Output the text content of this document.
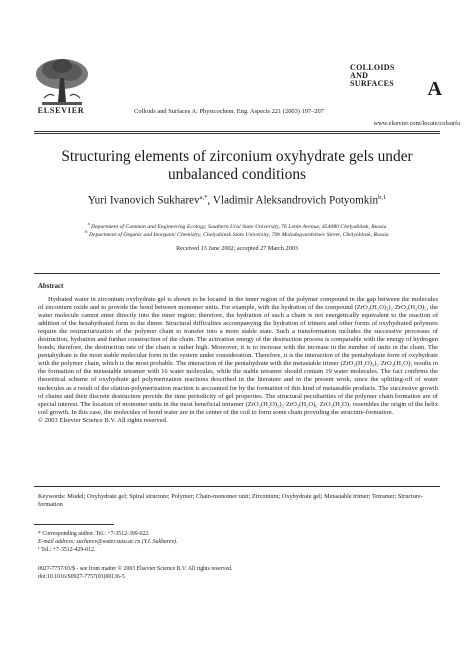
ELSEVIER	Colloids and Surfaces A: Physicochem. Eng. Aspects 221 (2003) 197–207
COLLOIDS
AND
SURFACES	A
www.elsevier.com/locate/colsurfa
Structuring elements of zirconium oxyhydrate gels under unbalanced conditions
Yuri Ivanovich Sukharev$^{a,*}$, Vladimir Aleksandrovich Potyomkin$^{b,1}$
$^a$ Department of Common and Engineering Ecology, Southern Ural State University, 76 Lenin Avenue, 454080 Chelyabinsk, Russia
$^b$ Department of Organic and Inorganic Chemistry, Chelyabinsk State University, 70b Molodogvardeitsev Street, Chelyabinsk, Russia
Received 13 June 2002; accepted 27 March 2003
Abstract
Hydrated water in zirconium oxyhydrate gel is shown to be located in the inner region of the polymer compound in the gap between the molecules of zirconium oxide and to provide the bond between monomer units. For example, with the hydration of the compound (ZrO₂(H₂O)₃)₂·ZrO₂(H₂O)₅, the water molecule cannot enter directly into the inner region; therefore, the hydration of such a chain is not energetically equivalent to the reaction of addition of the hexahydrated form to the dimer. Structural difficulties accompanying the hydration of trimers and other forms of oxyhydrated polymers require the restructurization of the polymer chain to transfer into a more stable state. Such a transformation includes the successive processes of destruction, hydration and further construction of the chain. The activation energy of the destruction process is comparable with the energy of hydrogen bonds; therefore, the destruction rate of the chain is rather high. Moreover, it is to increase with the increase in the number of units in the chain. The pentahydrate is the most stable molecular form in the system under consideration. Therefore, it is the interaction of the pentahydrate form of oxyhydrate with the polymer chain, which is the most probable. The interaction of the pentahydrate with the metastable trimer (ZrO₂(H₂O)₃)₂·ZrO₂(H₂O)₅ results in the formation of the metastable tetramer with 16 water molecules, while the stable tetramer should contain 19 water molecules. The fact confirms the theoretical scheme of oxyhydrate gel polymerization reactions described in the literature and in the present work, since the splitting-off of water molecules as a result of the olation-polymerization reaction is accounted for by the formation of this kind of metastable products. The successive growth of chains and their discrete destruction provide the time periodicity of gel properties. The structural peculiarities of the polymer chain formation are of special interest. The location of monomer units in the most beneficial tetramer (ZrO₂(H₂O)₂)₂·ZrO₂(H₂O)₆·ZrO₂(H₂O)₇ resembles the origin of the helix coil growth. In this case, the molecules of bond water are in the center of the coil to form some chain providing the structure-formation.
© 2003 Elsevier Science B.V. All rights reserved.
Keywords: Model; Oxyhydrate gel; Spiral structure; Polymer; Chain-monomer unit; Zirconium; Oxyhydrate gel; Metastable trimer; Tetramer; Structure-formation
* Corresponding author. Tel.: +7-3512-399-022.
E-mail address: sucharev@water.susu.ac.ru (Y.I. Sukharev).
¹ Tel.: +7-3512-429-012.
0927-7757/03/$ - see front matter © 2003 Elsevier Science B.V. All rights reserved.
doi:10.1016/S0927-7757(03)00136-5
